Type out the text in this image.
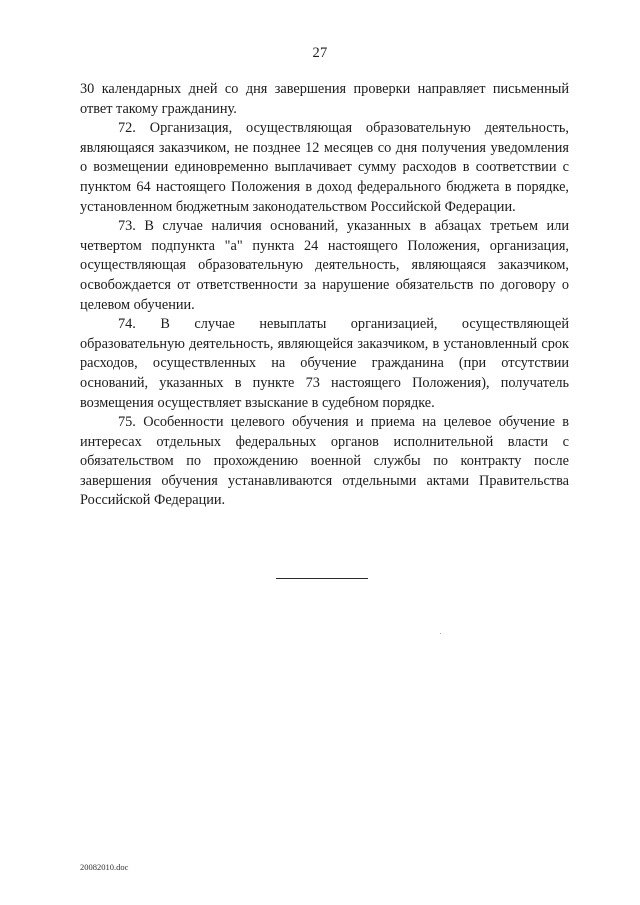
27

30 календарных дней со дня завершения проверки направляет письменный ответ такому гражданину.

72. Организация, осуществляющая образовательную деятельность, являющаяся заказчиком, не позднее 12 месяцев со дня получения уведомления о возмещении единовременно выплачивает сумму расходов в соответствии с пунктом 64 настоящего Положения в доход федерального бюджета в порядке, установленном бюджетным законодательством Российской Федерации.

73. В случае наличия оснований, указанных в абзацах третьем или четвертом подпункта "а" пункта 24 настоящего Положения, организация, осуществляющая образовательную деятельность, являющаяся заказчиком, освобождается от ответственности за нарушение обязательств по договору о целевом обучении.

74. В случае невыплаты организацией, осуществляющей образовательную деятельность, являющейся заказчиком, в установленный срок расходов, осуществленных на обучение гражданина (при отсутствии оснований, указанных в пункте 73 настоящего Положения), получатель возмещения осуществляет взыскание в судебном порядке.

75. Особенности целевого обучения и приема на целевое обучение в интересах отдельных федеральных органов исполнительной власти с обязательством по прохождению военной службы по контракту после завершения обучения устанавливаются отдельными актами Правительства Российской Федерации.

20082010.doc
